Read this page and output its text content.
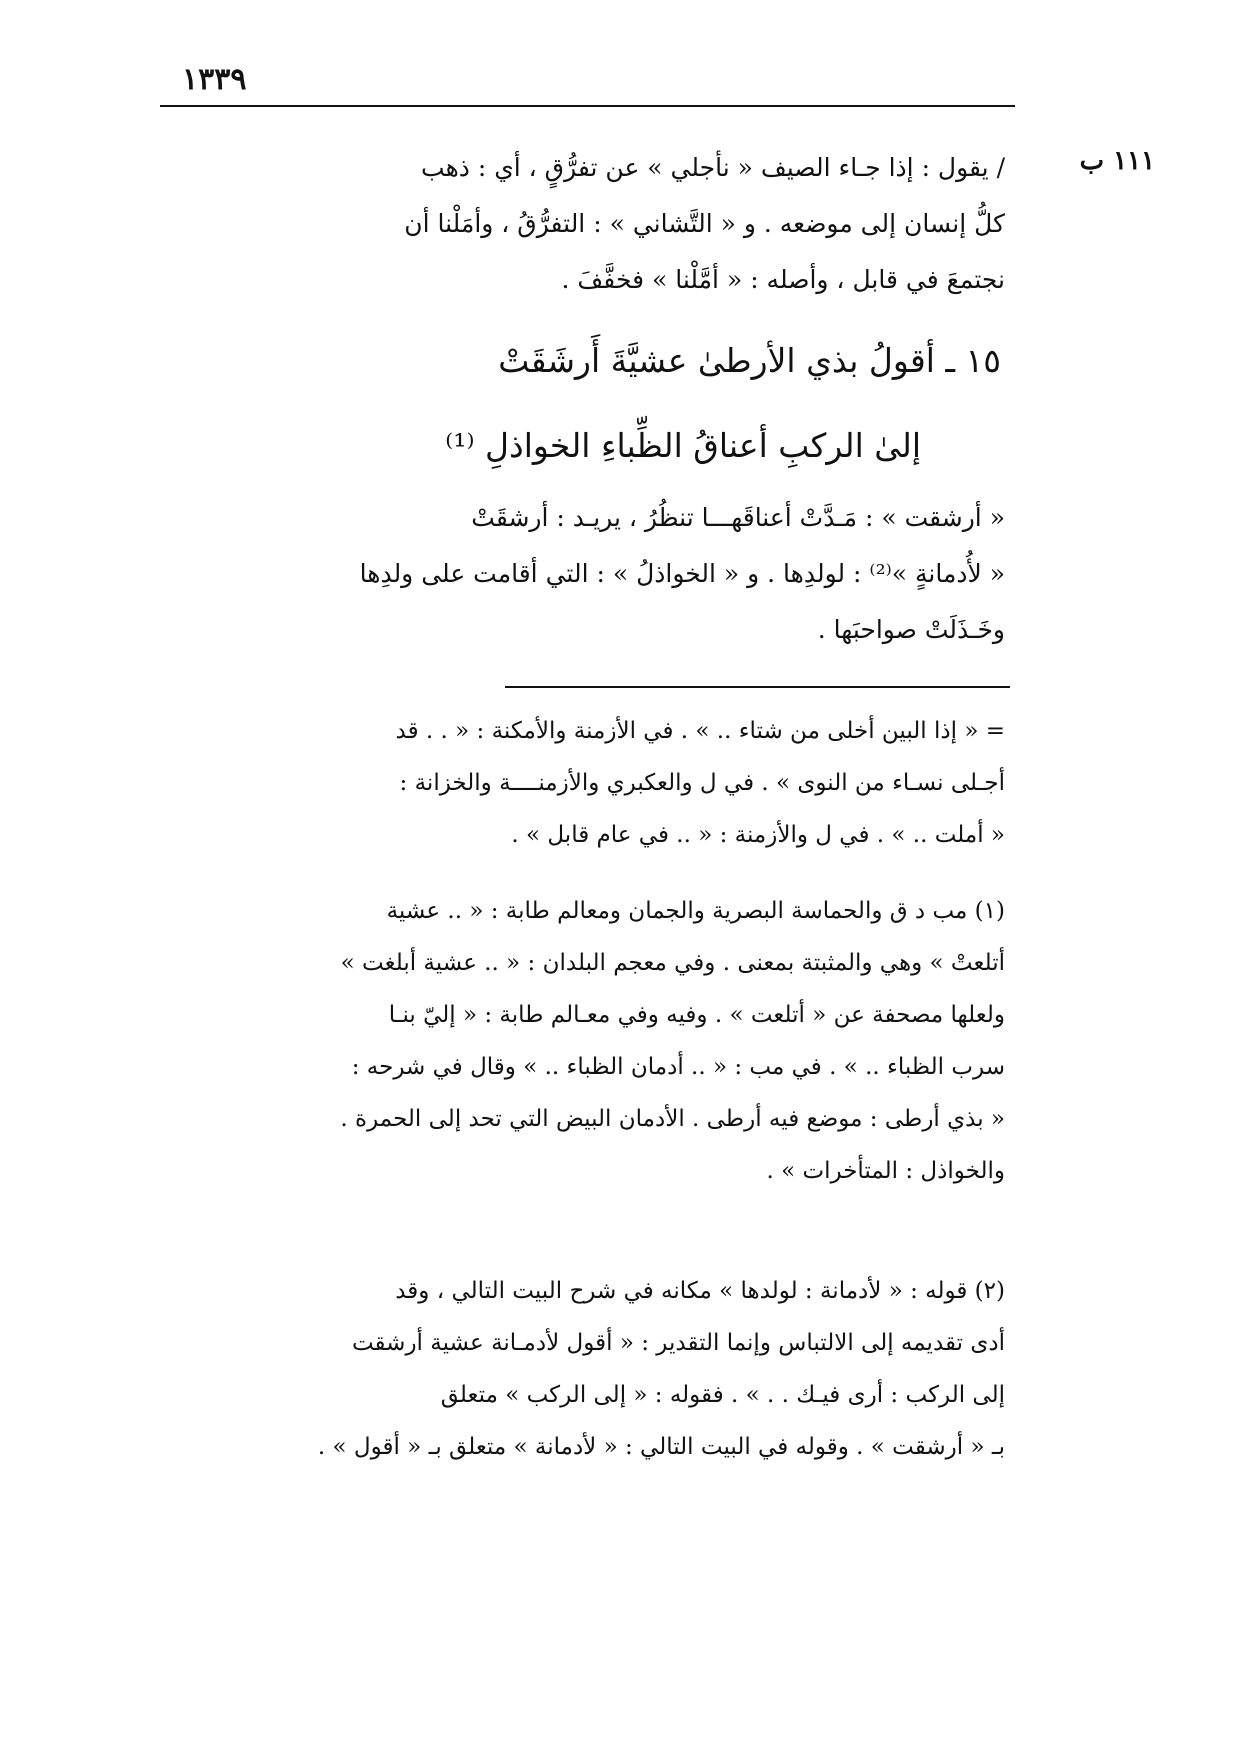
١٣٣٩
١١١ ب
/ يقول : إذا جـاء الصيف « نأجلي » عن تفرُّقٍ ، أي : ذهب
كلُّ إنسان إلى موضعه . و « التَّشاني » : التفرُّقُ ، وأمَلْنا أن
نجتمعَ في قابل ، وأصله : « أمَّلْنا » فخفَّفَ .
١٥ ـ أقولُ بذي الأرطىٰ عشيَّةَ أَرشَقَتْ
إلىٰ الركبِ أعناقُ الظِّباءِ الخواذلِ ⁽¹⁾
« أرشقت » : مَـدَّتْ أعناقَهـــا تنظُرُ ، يريـد : أرشقَتْ
« لأُدمانةٍ »⁽²⁾ : لولدِها . و « الخواذلُ » : التي أقامت على ولدِها
وخَـذَلَتْ صواحبَها .
= « إذا البين أخلى من شتاء .. » . في الأزمنة والأمكنة : « . . قد
أجـلى نسـاء من النوى » . في ل والعكبري والأزمنــــة والخزانة :
« أملت .. » . في ل والأزمنة : « .. في عام قابل » .
(١) مب د ق والحماسة البصرية والجمان ومعالم طابة : « .. عشية
أتلعتْ » وهي والمثبتة بمعنى . وفي معجم البلدان : « .. عشية أبلغت »
ولعلها مصحفة عن « أتلعت » . وفيه وفي معـالم طابة : « إليّ بنـا
سرب الظباء .. » . في مب : « .. أدمان الظباء .. » وقال في شرحه :
« بذي أرطى : موضع فيه أرطى . الأدمان البيض التي تحد إلى الحمرة .
والخواذل : المتأخرات » .
(٢) قوله : « لأدمانة : لولدها » مكانه في شرح البيت التالي ، وقد
أدى تقديمه إلى الالتباس وإنما التقدير : « أقول لأدمـانة عشية أرشقت
إلى الركب : أرى فيـك . . » . فقوله : « إلى الركب » متعلق
بـ « أرشقت » . وقوله في البيت التالي : « لأدمانة » متعلق بـ « أقول » .
